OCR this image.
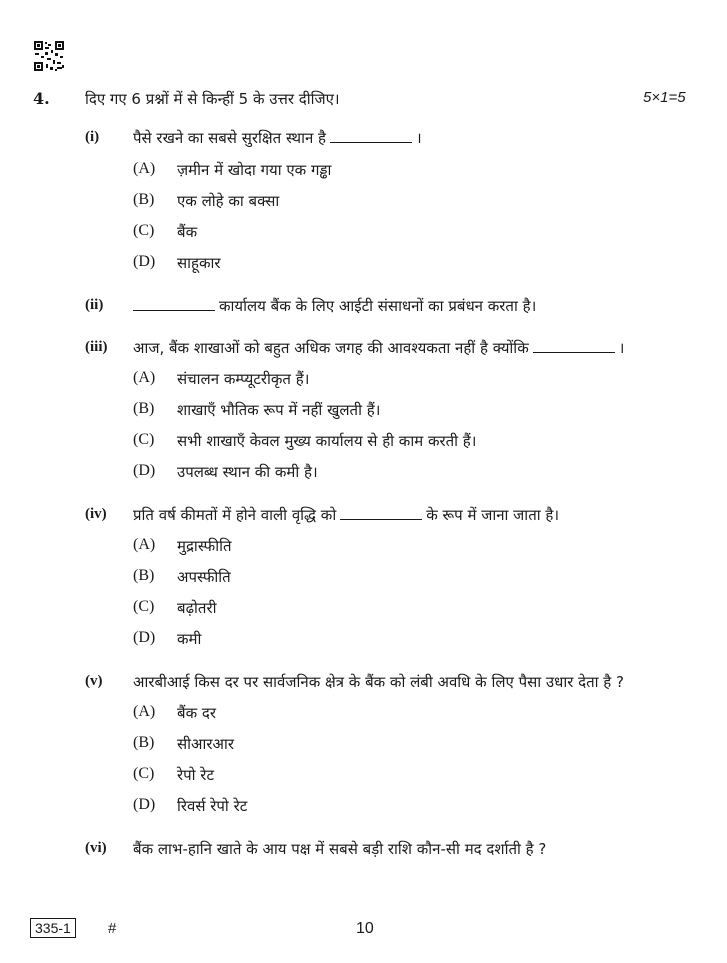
4. दिए गए 6 प्रश्नों में से किन्हीं 5 के उत्तर दीजिए।	5×1=5
(i) पैसे रखने का सबसे सुरक्षित स्थान है	।
(A) ज़मीन में खोदा गया एक गड्ढा
(B) एक लोहे का बक्सा
(C) बैंक
(D) साहूकार
(ii)	कार्यालय बैंक के लिए आईटी संसाधनों का प्रबंधन करता है।
(iii) आज, बैंक शाखाओं को बहुत अधिक जगह की आवश्यकता नहीं है क्योंकि	।
(A) संचालन कम्प्यूटरीकृत हैं।
(B) शाखाएँ भौतिक रूप में नहीं खुलती हैं।
(C) सभी शाखाएँ केवल मुख्य कार्यालय से ही काम करती हैं।
(D) उपलब्ध स्थान की कमी है।
(iv) प्रति वर्ष कीमतों में होने वाली वृद्धि को	के रूप में जाना जाता है।
(A) मुद्रास्फीति
(B) अपस्फीति
(C) बढ़ोतरी
(D) कमी
(v) आरबीआई किस दर पर सार्वजनिक क्षेत्र के बैंक को लंबी अवधि के लिए पैसा उधार देता है ?
(A) बैंक दर
(B) सीआरआर
(C) रेपो रेट
(D) रिवर्स रेपो रेट
(vi) बैंक लाभ-हानि खाते के आय पक्ष में सबसे बड़ी राशि कौन-सी मद दर्शाती है ?
335-1	#	10
